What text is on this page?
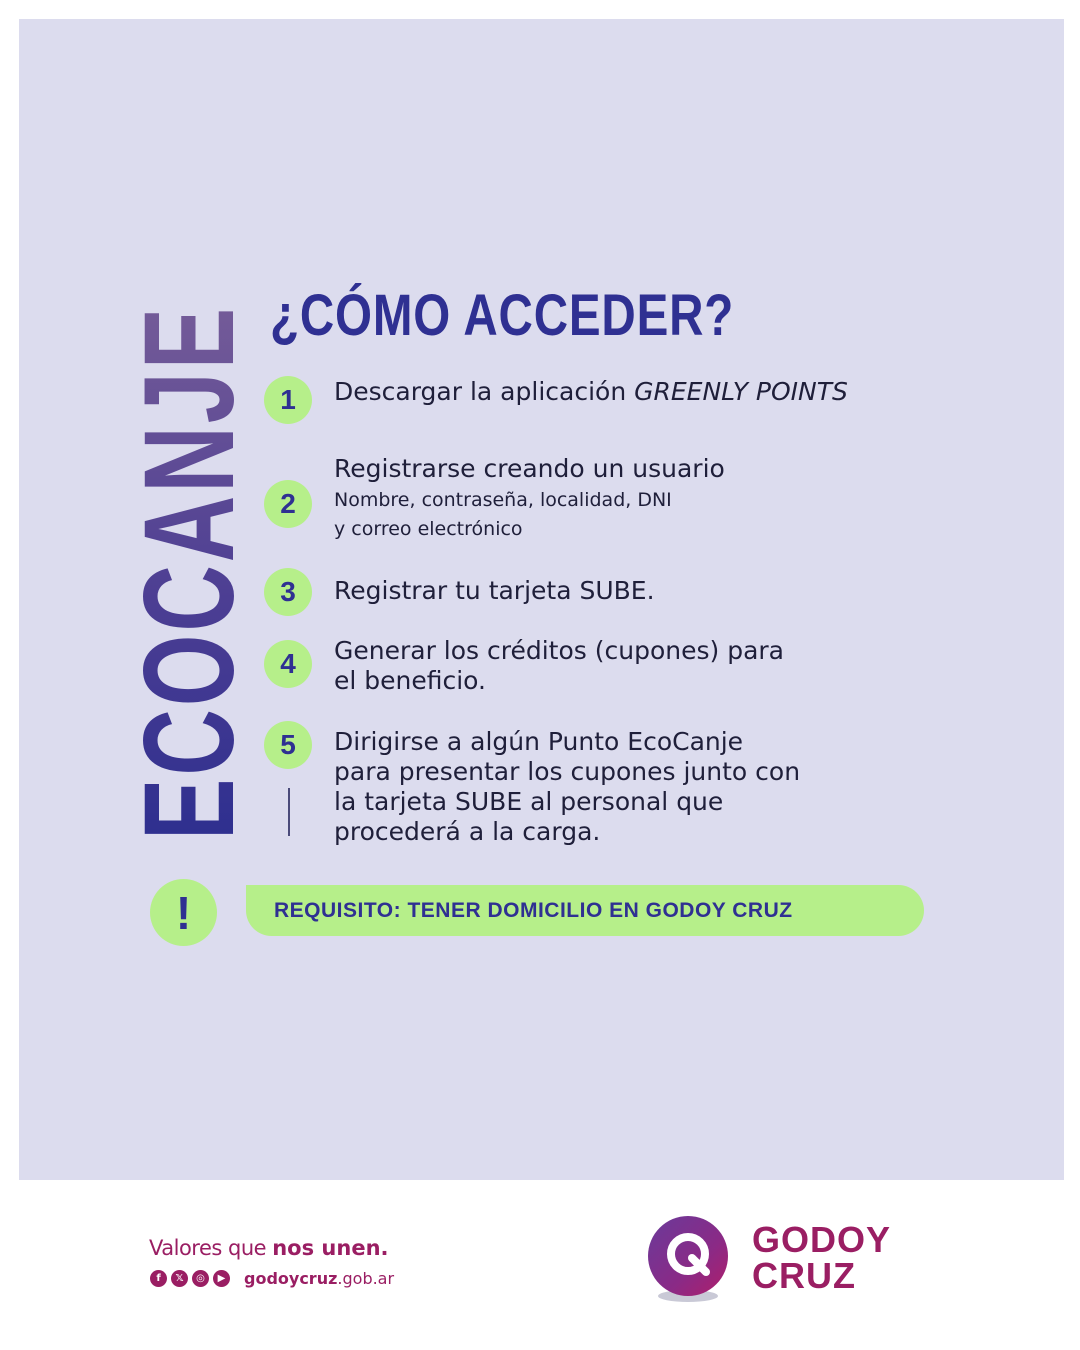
ECOCANJE ¿CÓMO ACCEDER?
1	Descargar la aplicación GREENLY POINTS
2
Registrarse creando un usuario
Nombre, contraseña, localidad, DNI
y correo electrónico
3	Registrar tu tarjeta SUBE.
4	Generar los créditos (cupones) para
el beneficio.
5	Dirigirse a algún Punto EcoCanje
para presentar los cupones junto con
la tarjeta SUBE al personal que
procederá a la carga.
!	REQUISITO: TENER DOMICILIO EN GODOY CRUZ
Valores que nos unen.
f	𝕏	◎	▶ godoycruz.gob.ar
GODOY
CRUZ
